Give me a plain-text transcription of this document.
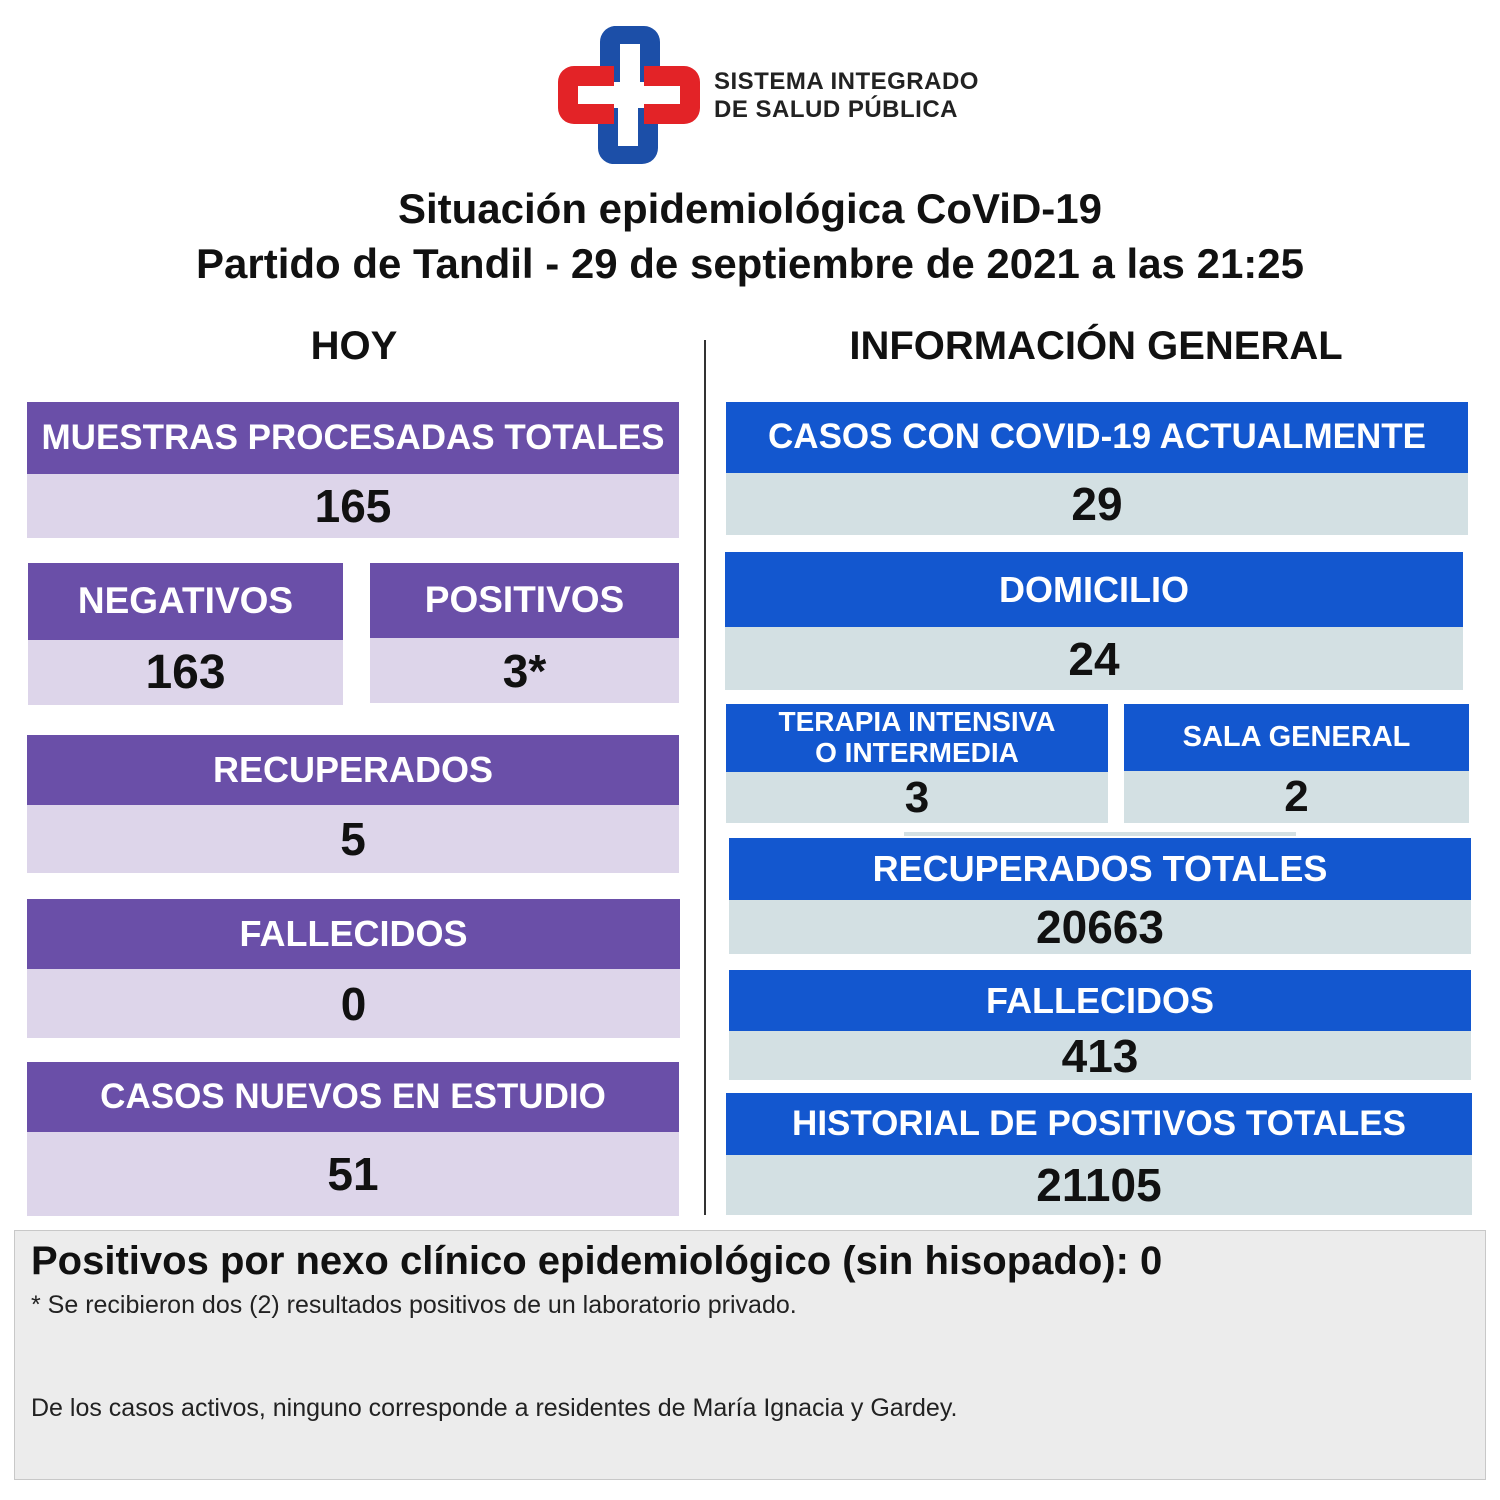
SISTEMA INTEGRADO
DE SALUD PÚBLICA
Situación epidemiológica CoViD-19
Partido de Tandil - 29 de septiembre de 2021 a las 21:25
HOY	INFORMACIÓN GENERAL
MUESTRAS PROCESADAS TOTALES
165
NEGATIVOS
163
POSITIVOS
3*
RECUPERADOS
5
FALLECIDOS
0
CASOS NUEVOS EN ESTUDIO
51
CASOS CON COVID-19 ACTUALMENTE
29
DOMICILIO
24
TERAPIA INTENSIVA
O INTERMEDIA
3
SALA GENERAL
2
RECUPERADOS TOTALES
20663
FALLECIDOS
413
HISTORIAL DE POSITIVOS TOTALES
21105
Positivos por nexo clínico epidemiológico (sin hisopado): 0
* Se recibieron dos (2) resultados positivos de un laboratorio privado.
De los casos activos, ninguno corresponde a residentes de María Ignacia y Gardey.
